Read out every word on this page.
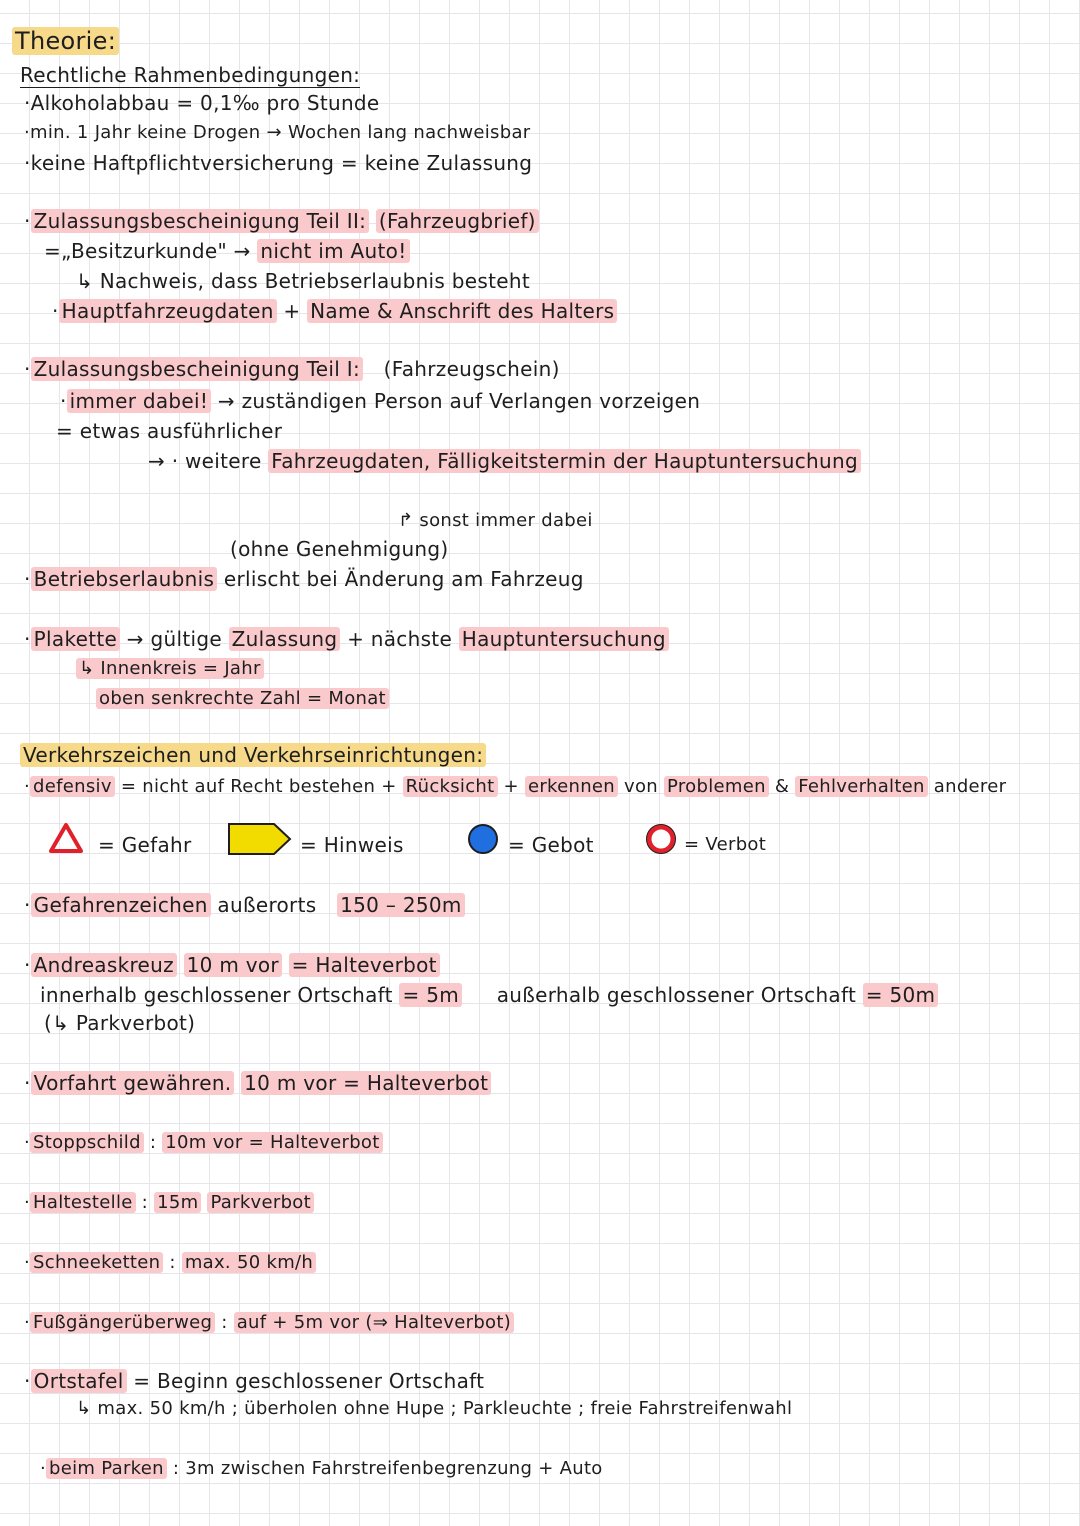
Theorie:
Rechtliche Rahmenbedingungen:
·Alkoholabbau = 0,1‰ pro Stunde
·min. 1 Jahr keine Drogen → Wochen lang nachweisbar
·keine Haftpflichtversicherung = keine Zulassung
· Zulassungsbescheinigung Teil II: (Fahrzeugbrief)
=„Besitzurkunde" → nicht im Auto!
↳ Nachweis, dass Betriebserlaubnis besteht
· Hauptfahrzeugdaten + Name & Anschrift des Halters
· Zulassungsbescheinigung Teil I: (Fahrzeugschein)
· immer dabei! → zuständigen Person auf Verlangen vorzeigen
= etwas ausführlicher
→ · weitere Fahrzeugdaten, Fälligkeitstermin der Hauptuntersuchung
↱ sonst immer dabei
(ohne Genehmigung)
· Betriebserlaubnis erlischt bei Änderung am Fahrzeug
· Plakette → gültige Zulassung + nächste Hauptuntersuchung
↳ Innenkreis = Jahr
oben senkrechte Zahl = Monat
Verkehrszeichen und Verkehrseinrichtungen:
· defensiv = nicht auf Recht bestehen + Rücksicht + erkennen von Problemen & Fehlverhalten anderer
= Gefahr	= Hinweis	= Gebot	= Verbot
· Gefahrenzeichen außerorts 150 – 250m
· Andreaskreuz 10 m vor = Halteverbot
innerhalb geschlossener Ortschaft = 5m außerhalb geschlossener Ortschaft = 50m
(↳ Parkverbot)
· Vorfahrt gewähren. 10 m vor = Halteverbot
· Stoppschild : 10m vor = Halteverbot
· Haltestelle : 15m Parkverbot
· Schneeketten : max. 50 km/h
· Fußgängerüberweg : auf + 5m vor (⇒ Halteverbot)
· Ortstafel = Beginn geschlossener Ortschaft
↳ max. 50 km/h ; überholen ohne Hupe ; Parkleuchte ; freie Fahrstreifenwahl
· beim Parken : 3m zwischen Fahrstreifenbegrenzung + Auto
